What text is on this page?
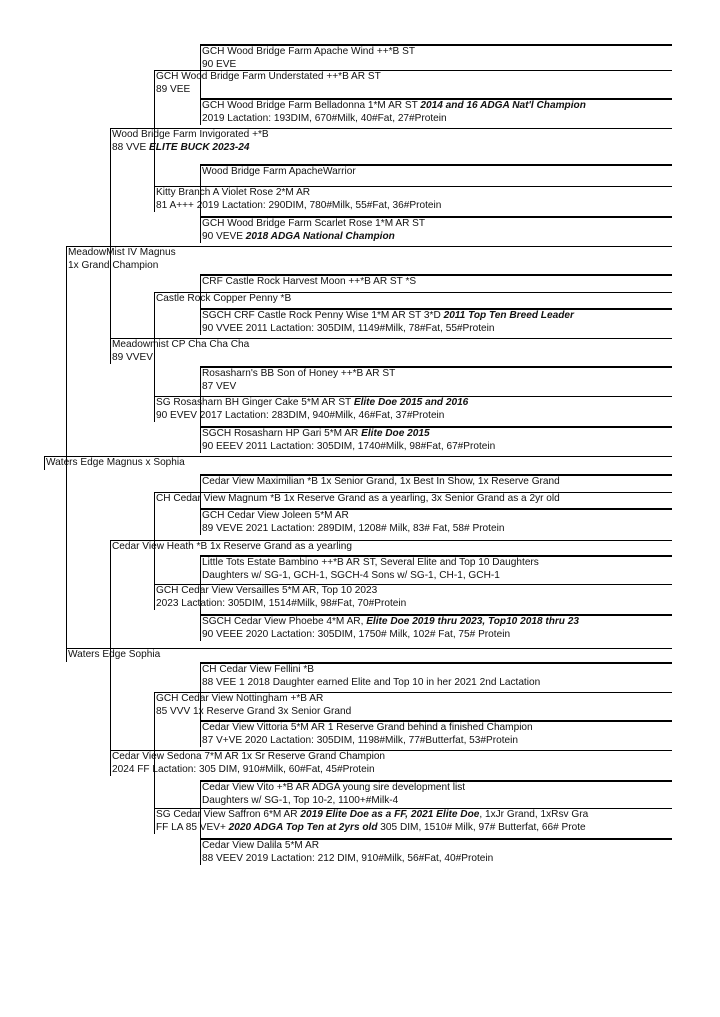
GCH Wood Bridge Farm Apache Wind ++*B ST
90 EVE
GCH Wood Bridge Farm Understated ++*B AR ST
89 VEE
GCH Wood Bridge Farm Belladonna 1*M AR ST 2014 and 16 ADGA Nat'l Champion
2019 Lactation: 193DIM, 670#Milk, 40#Fat, 27#Protein
Wood Bridge Farm Invigorated +*B
88 VVE ELITE BUCK 2023-24
Wood Bridge Farm ApacheWarrior
Kitty Branch A Violet Rose 2*M AR
81 A+++ 2019 Lactation: 290DIM, 780#Milk, 55#Fat, 36#Protein
GCH Wood Bridge Farm Scarlet Rose 1*M AR ST
90 VEVE 2018 ADGA National Champion
MeadowMist IV Magnus
1x Grand Champion
CRF Castle Rock Harvest Moon ++*B AR ST *S
Castle Rock Copper Penny *B
SGCH CRF Castle Rock Penny Wise 1*M AR ST 3*D 2011 Top Ten Breed Leader
90 VVEE 2011 Lactation: 305DIM, 1149#Milk, 78#Fat, 55#Protein
Meadowmist CP Cha Cha Cha
89 VVEV
Rosasharn's BB Son of Honey ++*B AR ST
87 VEV
SG Rosasharn BH Ginger Cake 5*M AR ST Elite Doe 2015 and 2016
90 EVEV 2017 Lactation: 283DIM, 940#Milk, 46#Fat, 37#Protein
SGCH Rosasharn HP Gari 5*M AR Elite Doe 2015
90 EEEV 2011 Lactation: 305DIM, 1740#Milk, 98#Fat, 67#Protein
Waters Edge Magnus x Sophia
Cedar View Maximilian *B 1x Senior Grand, 1x Best In Show, 1x Reserve Grand
CH Cedar View Magnum *B 1x Reserve Grand as a yearling, 3x Senior Grand as a 2yr old
GCH Cedar View Joleen 5*M AR
89 VEVE 2021 Lactation: 289DIM, 1208# Milk, 83# Fat, 58# Protein
Cedar View Heath *B 1x Reserve Grand as a yearling
Little Tots Estate Bambino ++*B AR ST, Several Elite and Top 10 Daughters
Daughters w/ SG-1, GCH-1, SGCH-4 Sons w/ SG-1, CH-1, GCH-1
GCH Cedar View Versailles 5*M AR, Top 10 2023
2023 Lactation: 305DIM, 1514#Milk, 98#Fat, 70#Protein
SGCH Cedar View Phoebe 4*M AR, Elite Doe 2019 thru 2023, Top10 2018 thru 23
90 VEEE 2020 Lactation: 305DIM, 1750# Milk, 102# Fat, 75# Protein
Waters Edge Sophia
CH Cedar View Fellini *B
88 VEE 1 2018 Daughter earned Elite and Top 10 in her 2021 2nd Lactation
GCH Cedar View Nottingham +*B AR
85 VVV 1x Reserve Grand 3x Senior Grand
Cedar View Vittoria 5*M AR 1 Reserve Grand behind a finished Champion
87 V+VE 2020 Lactation: 305DIM, 1198#Milk, 77#Butterfat, 53#Protein
Cedar View Sedona 7*M AR 1x Sr Reserve Grand Champion
2024 FF Lactation: 305 DIM, 910#Milk, 60#Fat, 45#Protein
Cedar View Vito +*B AR ADGA young sire development list
Daughters w/ SG-1, Top 10-2, 1100+#Milk-4
SG Cedar View Saffron 6*M AR 2019 Elite Doe as a FF, 2021 Elite Doe, 1xJr Grand, 1xRsv Gra
FF LA 85 VEV+ 2020 ADGA Top Ten at 2yrs old 305 DIM, 1510# Milk, 97# Butterfat, 66# Prote
Cedar View Dalila 5*M AR
88 VEEV 2019 Lactation: 212 DIM, 910#Milk, 56#Fat, 40#Protein
